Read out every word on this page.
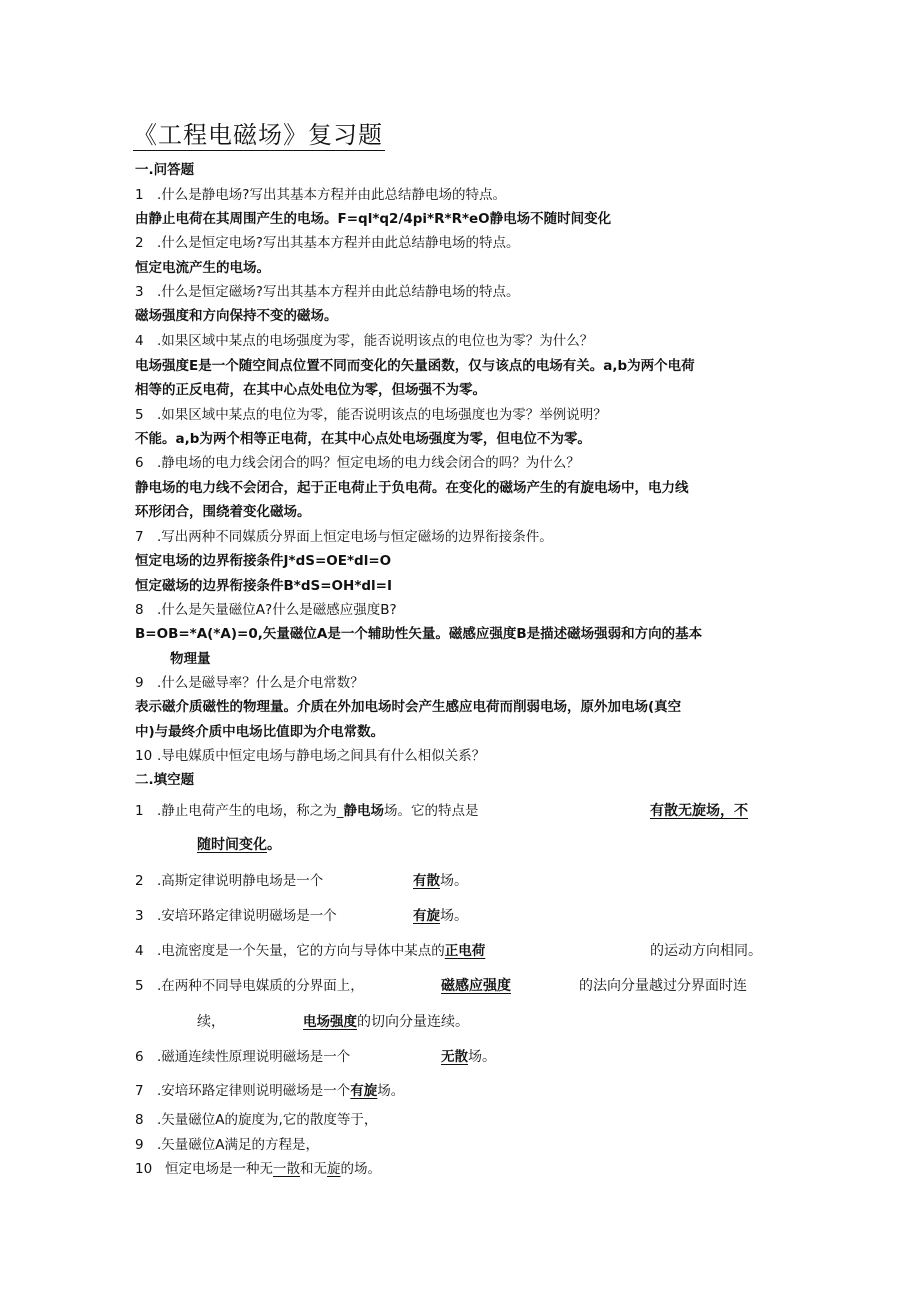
《工程电磁场》复习题
一.问答题
1 .什么是静电场?写出其基本方程并由此总结静电场的特点。
由静止电荷在其周围产生的电场。F=ql*q2/4pi*R*R*eO静电场不随时间变化
2 .什么是恒定电场?写出其基本方程并由此总结静电场的特点。
恒定电流产生的电场。
3 .什么是恒定磁场?写出其基本方程并由此总结静电场的特点。
磁场强度和方向保持不变的磁场。
4 .如果区域中某点的电场强度为零，能否说明该点的电位也为零？为什么？
电场强度E是一个随空间点位置不同而变化的矢量函数，仅与该点的电场有关。a,b为两个电荷
相等的正反电荷，在其中心点处电位为零，但场强不为零。
5 .如果区域中某点的电位为零，能否说明该点的电场强度也为零？举例说明？
不能。a,b为两个相等正电荷，在其中心点处电场强度为零，但电位不为零。
6 .静电场的电力线会闭合的吗？恒定电场的电力线会闭合的吗？为什么？
静电场的电力线不会闭合，起于正电荷止于负电荷。在变化的磁场产生的有旋电场中，电力线
环形闭合，围绕着变化磁场。
7 .写出两种不同媒质分界面上恒定电场与恒定磁场的边界衔接条件。
恒定电场的边界衔接条件J*dS=OE*dl=O
恒定磁场的边界衔接条件B*dS=OH*dl=I
8 .什么是矢量磁位A?什么是磁感应强度B?
B=OB=*A(*A)=0,矢量磁位A是一个辅助性矢量。磁感应强度B是描述磁场强弱和方向的基本
物理量
9 .什么是磁导率？什么是介电常数？
表示磁介质磁性的物理量。介质在外加电场时会产生感应电荷而削弱电场，原外加电场(真空
中)与最终介质中电场比值即为介电常数。
10 .导电媒质中恒定电场与静电场之间具有什么相似关系？
二.填空题
1 .静止电荷产生的电场，称之为_静电场场。它的特点是	有散无旋场，不
随时间变化。
2 .高斯定律说明静电场是一个	有散场。
3 .安培环路定律说明磁场是一个	有旋场。
4 .电流密度是一个矢量，它的方向与导体中某点的正电荷	的运动方向相同。
5 .在两种不同导电媒质的分界面上，	磁感应强度	的法向分量越过分界面时连
续，	电场强度的切向分量连续。
6 .磁通连续性原理说明磁场是一个	无散场。
7 .安培环路定律则说明磁场是一个有旋场。
8 .矢量磁位A的旋度为,它的散度等于，
9 .矢量磁位A满足的方程是，
10 恒定电场是一种无一散和无旋的场。
